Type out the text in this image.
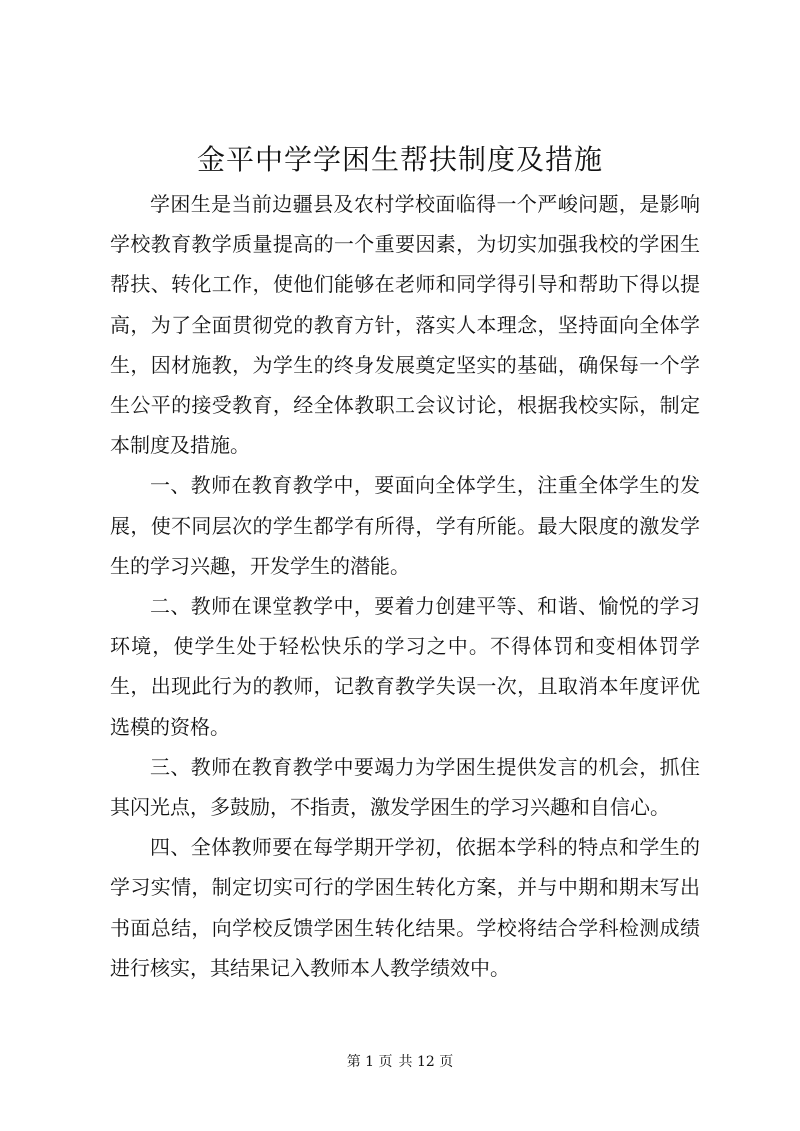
金平中学学困生帮扶制度及措施

学困生是当前边疆县及农村学校面临得一个严峻问题，是影响学校教育教学质量提高的一个重要因素，为切实加强我校的学困生帮扶、转化工作，使他们能够在老师和同学得引导和帮助下得以提高，为了全面贯彻党的教育方针，落实人本理念，坚持面向全体学生，因材施教，为学生的终身发展奠定坚实的基础，确保每一个学生公平的接受教育，经全体教职工会议讨论，根据我校实际，制定本制度及措施。

一、教师在教育教学中，要面向全体学生，注重全体学生的发展，使不同层次的学生都学有所得，学有所能。最大限度的激发学生的学习兴趣，开发学生的潜能。

二、教师在课堂教学中，要着力创建平等、和谐、愉悦的学习环境，使学生处于轻松快乐的学习之中。不得体罚和变相体罚学生，出现此行为的教师，记教育教学失误一次，且取消本年度评优选模的资格。

三、教师在教育教学中要竭力为学困生提供发言的机会，抓住其闪光点，多鼓励，不指责，激发学困生的学习兴趣和自信心。

四、全体教师要在每学期开学初，依据本学科的特点和学生的学习实情，制定切实可行的学困生转化方案，并与中期和期末写出书面总结，向学校反馈学困生转化结果。学校将结合学科检测成绩进行核实，其结果记入教师本人教学绩效中。

第 1 页 共 12 页
